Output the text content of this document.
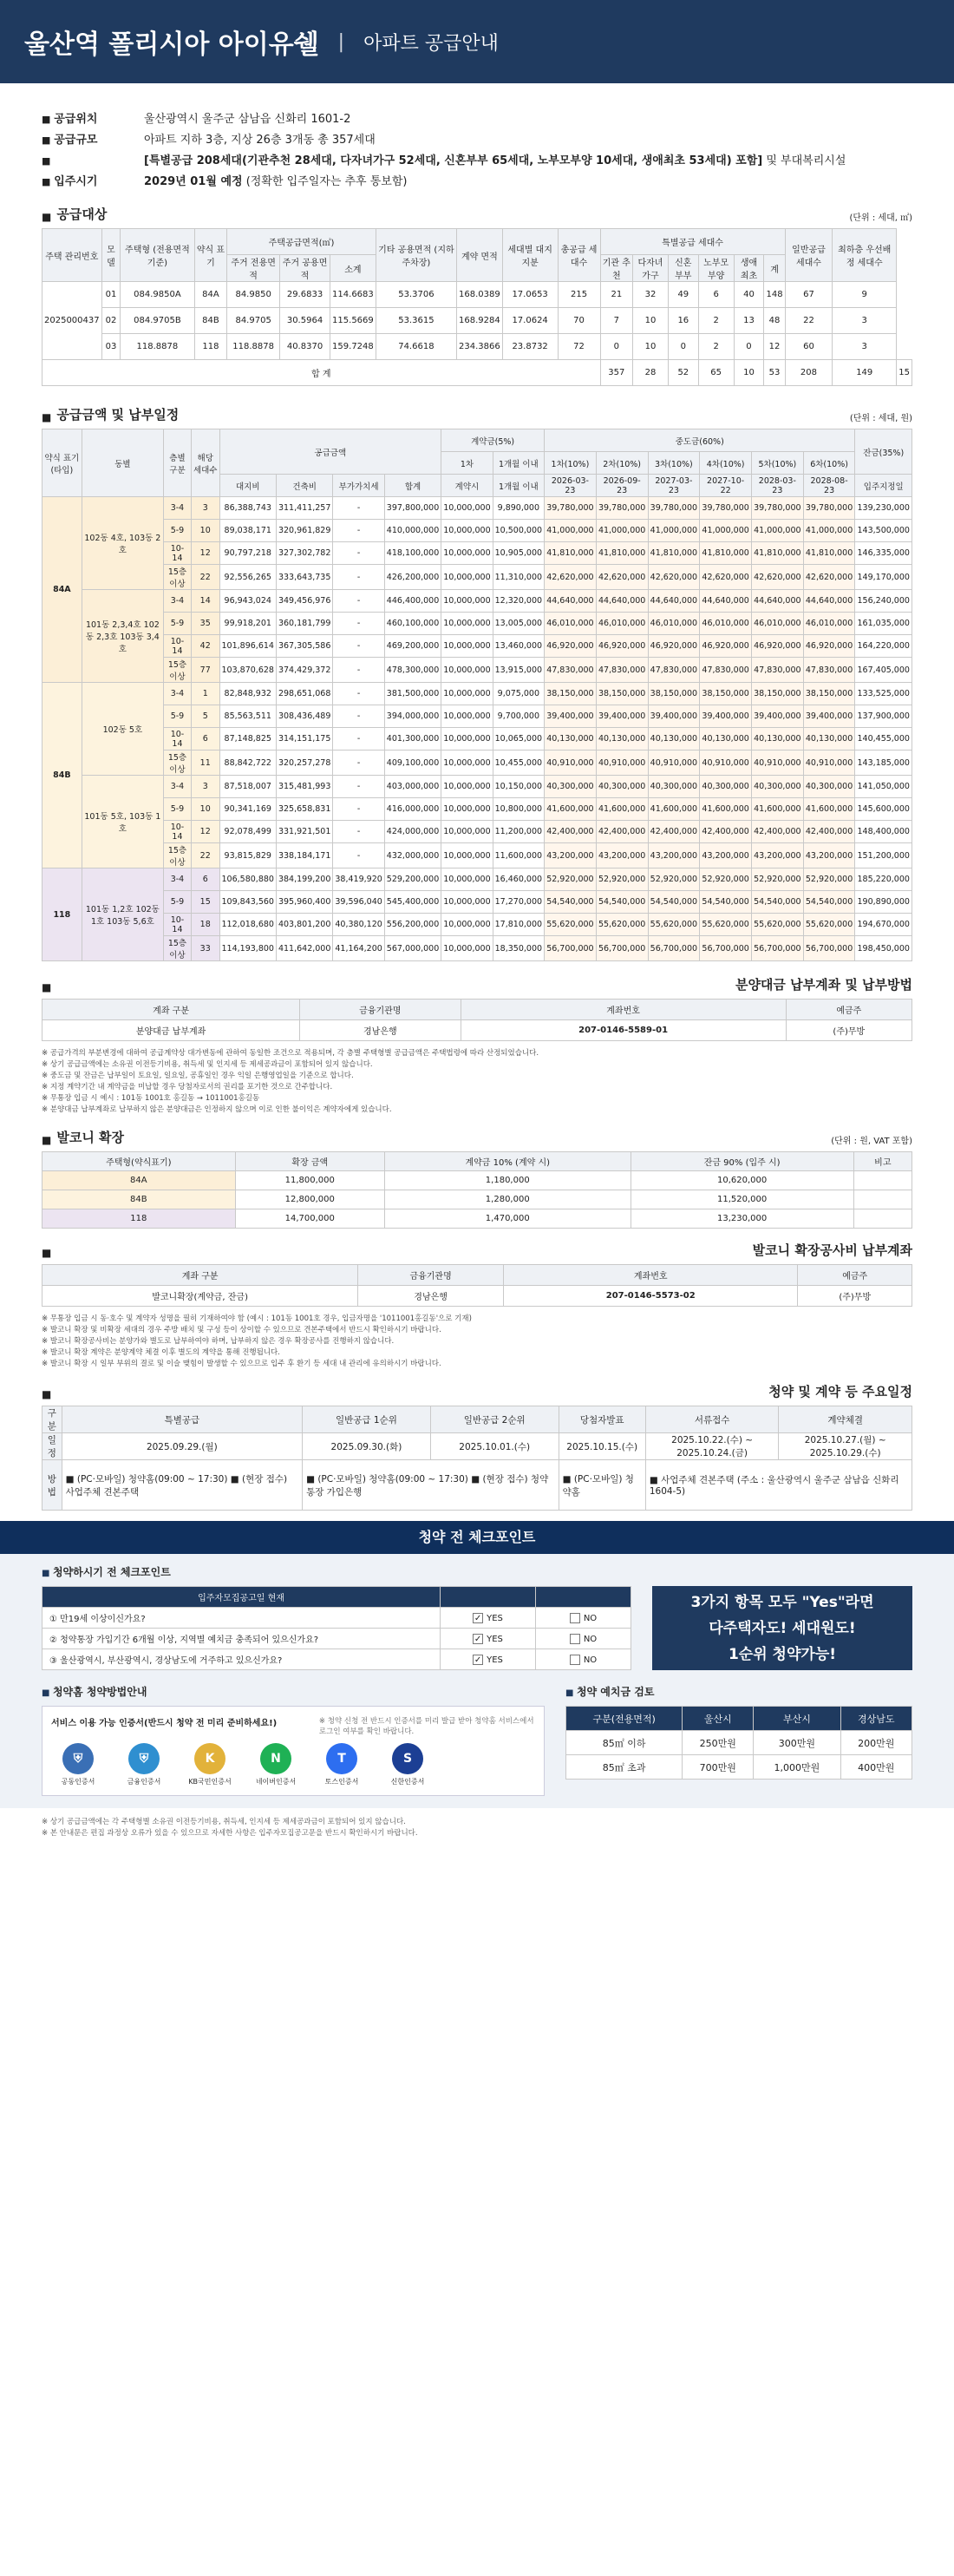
울산역 폴리시아 아이유쉘 | 아파트 공급안내
■ 공급위치	울산광역시 울주군 삼남읍 신화리 1601-2
■ 공급규모	아파트 지하 3층, 지상 26층 3개동 총 357세대
■
[특별공급 208세대(기관추천 28세대, 다자녀가구 52세대, 신혼부부 65세대, 노부모부양 10세대, 생애최초 53세대) 포함] 및 부대복리시설
■ 입주시기	2029년 01월 예정 (정확한 입주일자는 추후 통보함)
■ 공급대상	(단위 : 세대, ㎡)
주택 관리번호	모델	주택형 (전용면적기준)	약식 표기	주택공급면적(㎡)			기타 공용면적 (지하주차장)	계약 면적	세대별 대지지분	총공급 세대수	특별공급 세대수						일반공급 세대수	최하층 우선배정 세대수	
				주거 전용면적	주거 공용면적	소계					기관 추천	다자녀 가구	신혼 부부	노부모 부양	생애 최초	계			
2025000437	01	084.9850A	84A	84.9850	29.6833	114.6683	53.3706	168.0389	17.0653	215	21	32	49	6	40	148	67	9	
	02	084.9705B	84B	84.9705	30.5964	115.5669	53.3615	168.9284	17.0624	70	7	10	16	2	13	48	22	3	
	03	118.8878	118	118.8878	40.8370	159.7248	74.6618	234.3866	23.8732	72	0	10	0	2	0	12	60	3	
합 계											357	28	52	65	10	53	208	149	15
■ 공급금액 및 납부일정	(단위 : 세대, 원)
약식 표기 (타입)	동별	층별 구분	해당 세대수	공급금액				계약금(5%)		중도금(60%)						잔금(35%)
								1차	1개월 이내	1차(10%)	2차(10%)	3차(10%)	4차(10%)	5차(10%)	6차(10%)	
				대지비	건축비	부가가치세	합계	계약시	1개월 이내	2026-03-23	2026-09-23	2027-03-23	2027-10-22	2028-03-23	2028-08-23	입주지정일
84A	102동 4호, 103동 2호	3-4	3	86,388,743	311,411,257	-	397,800,000	10,000,000	9,890,000	39,780,000	39,780,000	39,780,000	39,780,000	39,780,000	39,780,000	139,230,000
		5-9	10	89,038,171	320,961,829	-	410,000,000	10,000,000	10,500,000	41,000,000	41,000,000	41,000,000	41,000,000	41,000,000	41,000,000	143,500,000
		10-14	12	90,797,218	327,302,782	-	418,100,000	10,000,000	10,905,000	41,810,000	41,810,000	41,810,000	41,810,000	41,810,000	41,810,000	146,335,000
		15층 이상	22	92,556,265	333,643,735	-	426,200,000	10,000,000	11,310,000	42,620,000	42,620,000	42,620,000	42,620,000	42,620,000	42,620,000	149,170,000
	101동 2,3,4호 102동 2,3호 103동 3,4호	3-4	14	96,943,024	349,456,976	-	446,400,000	10,000,000	12,320,000	44,640,000	44,640,000	44,640,000	44,640,000	44,640,000	44,640,000	156,240,000
		5-9	35	99,918,201	360,181,799	-	460,100,000	10,000,000	13,005,000	46,010,000	46,010,000	46,010,000	46,010,000	46,010,000	46,010,000	161,035,000
		10-14	42	101,896,614	367,305,586	-	469,200,000	10,000,000	13,460,000	46,920,000	46,920,000	46,920,000	46,920,000	46,920,000	46,920,000	164,220,000
		15층 이상	77	103,870,628	374,429,372	-	478,300,000	10,000,000	13,915,000	47,830,000	47,830,000	47,830,000	47,830,000	47,830,000	47,830,000	167,405,000
84B	102동 5호	3-4	1	82,848,932	298,651,068	-	381,500,000	10,000,000	9,075,000	38,150,000	38,150,000	38,150,000	38,150,000	38,150,000	38,150,000	133,525,000
		5-9	5	85,563,511	308,436,489	-	394,000,000	10,000,000	9,700,000	39,400,000	39,400,000	39,400,000	39,400,000	39,400,000	39,400,000	137,900,000
		10-14	6	87,148,825	314,151,175	-	401,300,000	10,000,000	10,065,000	40,130,000	40,130,000	40,130,000	40,130,000	40,130,000	40,130,000	140,455,000
		15층 이상	11	88,842,722	320,257,278	-	409,100,000	10,000,000	10,455,000	40,910,000	40,910,000	40,910,000	40,910,000	40,910,000	40,910,000	143,185,000
	101동 5호, 103동 1호	3-4	3	87,518,007	315,481,993	-	403,000,000	10,000,000	10,150,000	40,300,000	40,300,000	40,300,000	40,300,000	40,300,000	40,300,000	141,050,000
		5-9	10	90,341,169	325,658,831	-	416,000,000	10,000,000	10,800,000	41,600,000	41,600,000	41,600,000	41,600,000	41,600,000	41,600,000	145,600,000
		10-14	12	92,078,499	331,921,501	-	424,000,000	10,000,000	11,200,000	42,400,000	42,400,000	42,400,000	42,400,000	42,400,000	42,400,000	148,400,000
		15층 이상	22	93,815,829	338,184,171	-	432,000,000	10,000,000	11,600,000	43,200,000	43,200,000	43,200,000	43,200,000	43,200,000	43,200,000	151,200,000
118	101동 1,2호 102동 1호 103동 5,6호	3-4	6	106,580,880	384,199,200	38,419,920	529,200,000	10,000,000	16,460,000	52,920,000	52,920,000	52,920,000	52,920,000	52,920,000	52,920,000	185,220,000
		5-9	15	109,843,560	395,960,400	39,596,040	545,400,000	10,000,000	17,270,000	54,540,000	54,540,000	54,540,000	54,540,000	54,540,000	54,540,000	190,890,000
		10-14	18	112,018,680	403,801,200	40,380,120	556,200,000	10,000,000	17,810,000	55,620,000	55,620,000	55,620,000	55,620,000	55,620,000	55,620,000	194,670,000
		15층 이상	33	114,193,800	411,642,000	41,164,200	567,000,000	10,000,000	18,350,000	56,700,000	56,700,000	56,700,000	56,700,000	56,700,000	56,700,000	198,450,000
■ 분양대금 납부계좌 및 납부방법
계좌 구분	금융기관명	계좌번호	예금주
분양대금 납부계좌	경남은행	207-0146-5589-01	(주)무방
※ 공급가격의 부분변경에 대하여 공급계약상 대가변동에 관하여 동일한 조건으로 적용되며, 각 층별 주택형별 공급금액은 주택법령에 따라 산정되었습니다.
※ 상기 공급금액에는 소유권 이전등기비용, 취득세 및 인지세 등 제세공과금이 포함되어 있지 않습니다.
※ 중도금 및 잔금은 납부일이 토요일, 일요일, 공휴일인 경우 익일 은행영업일을 기준으로 합니다.
※ 지정 계약기간 내 계약금을 미납할 경우 당첨자로서의 권리를 포기한 것으로 간주합니다.
※ 무통장 입금 시 예시 : 101동 1001호 홍길동 → 1011001홍길동
※ 분양대금 납부계좌로 납부하지 않은 분양대금은 인정하지 않으며 이로 인한 불이익은 계약자에게 있습니다.
■ 발코니 확장	(단위 : 원, VAT 포함)
주택형(약식표기)	확장 금액	계약금 10% (계약 시)	잔금 90% (입주 시)	비고
84A	11,800,000	1,180,000	10,620,000	
84B	12,800,000	1,280,000	11,520,000	
118	14,700,000	1,470,000	13,230,000	
■ 발코니 확장공사비 납부계좌
계좌 구분	금융기관명	계좌번호	예금주
발코니확장(계약금, 잔금)	경남은행	207-0146-5573-02	(주)무방
※ 무통장 입금 시 동·호수 및 계약자 성명을 필히 기재하여야 함 (예시 : 101동 1001호 경우, 입금자명을 '1011001홍길동'으로 기재)
※ 발코니 확장 및 비확장 세대의 경우 주방 배치 및 구성 등이 상이할 수 있으므로 견본주택에서 반드시 확인하시기 바랍니다.
※ 발코니 확장공사비는 분양가와 별도로 납부하여야 하며, 납부하지 않은 경우 확장공사를 진행하지 않습니다.
※ 발코니 확장 계약은 분양계약 체결 이후 별도의 계약을 통해 진행됩니다.
※ 발코니 확장 시 일부 부위의 결로 및 이슬 맺힘이 발생할 수 있으므로 입주 후 환기 등 세대 내 관리에 유의하시기 바랍니다.
■ 청약 및 계약 등 주요일정
구분	특별공급	일반공급 1순위	일반공급 2순위	당첨자발표	서류접수	계약체결
일정	2025.09.29.(월)	2025.09.30.(화)	2025.10.01.(수)	2025.10.15.(수)	2025.10.22.(수) ~ 2025.10.24.(금)	2025.10.27.(월) ~ 2025.10.29.(수)
방법	■ (PC·모바일) 청약홈(09:00 ~ 17:30) ■ (현장 접수) 사업주체 견본주택	■ (PC·모바일) 청약홈(09:00 ~ 17:30) ■ (현장 접수) 청약통장 가입은행		■ (PC·모바일) 청약홈	■ 사업주체 견본주택 (주소 : 울산광역시 울주군 삼남읍 신화리 1604-5)	
청약 전 체크포인트
■ 청약하시기 전 체크포인트
입주자모집공고일 현재		
① 만19세 이상이신가요?	✓ YES	NO
② 청약통장 가입기간 6개월 이상, 지역별 예치금 충족되어 있으신가요?	✓ YES	NO
③ 울산광역시, 부산광역시, 경상남도에 거주하고 있으신가요?	✓ YES	NO
3가지 항목 모두 "Yes"라면
다주택자도! 세대원도!
1순위 청약가능!
■ 청약홈 청약방법안내
서비스 이용 가능 인증서(반드시 청약 전 미리 준비하세요!)	※ 청약 신청 전 반드시 인증서를 미리 발급 받아 청약홈 서비스에서 로그인 여부를 확인 바랍니다.
⛨
공동인증서
⛨
금융인증서
K
KB국민인증서
N
네이버인증서
T
토스인증서
S
신한인증서
■ 청약 예치금 검토
구분(전용면적)	울산시	부산시	경상남도
85㎡ 이하	250만원	300만원	200만원
85㎡ 초과	700만원	1,000만원	400만원
※ 상기 공급금액에는 각 주택형별 소유권 이전등기비용, 취득세, 인지세 등 제세공과금이 포함되어 있지 않습니다.
※ 본 안내문은 편집 과정상 오류가 있을 수 있으므로 자세한 사항은 입주자모집공고문을 반드시 확인하시기 바랍니다.
